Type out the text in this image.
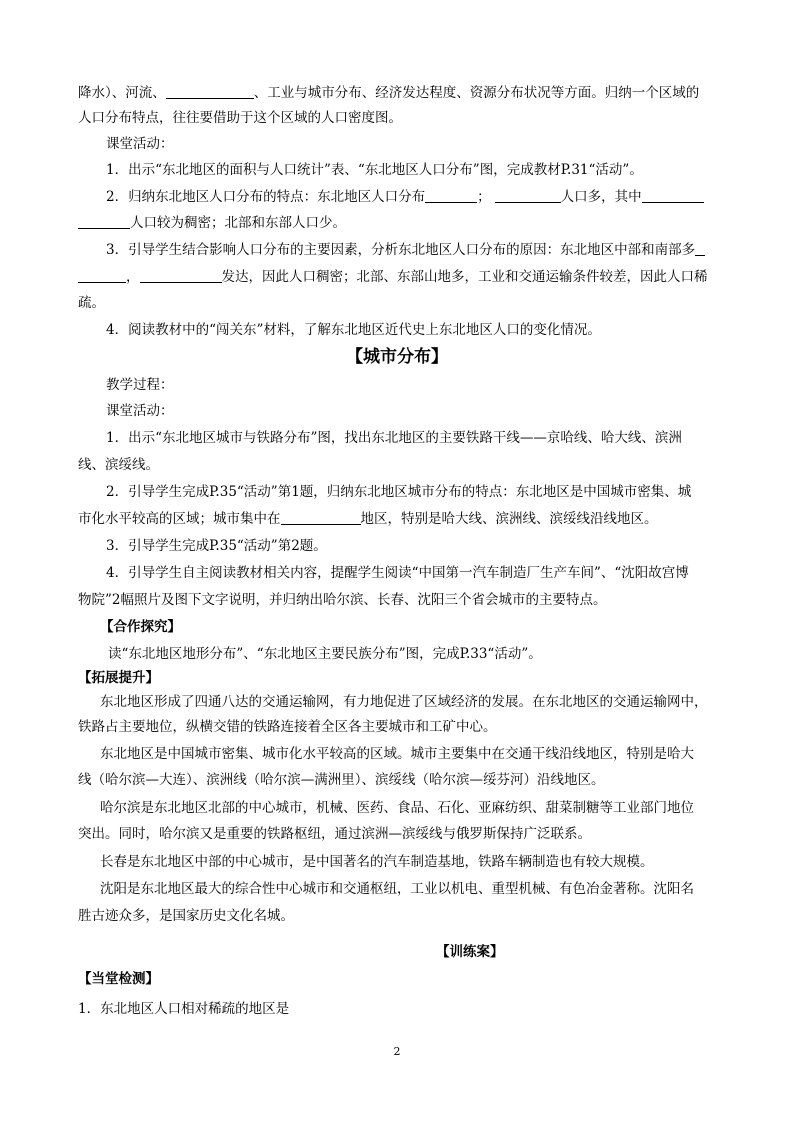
降水）、河流、	、工业与城市分布、经济发达程度、资源分布状况等方面。归纳一个区域的
人口分布特点，往往要借助于这个区域的人口密度图。
课堂活动：
1．出示“东北地区的面积与人口统计”表、“东北地区人口分布”图，完成教材P.31“活动”。
2．归纳东北地区人口分布的特点：东北地区人口分布	；	人口多，其中
人口较为稠密；北部和东部人口少。
3．引导学生结合影响人口分布的主要因素，分析东北地区人口分布的原因：东北地区中部和南部多
，	发达，因此人口稠密；北部、东部山地多，工业和交通运输条件较差，因此人口稀
疏。
4．阅读教材中的“闯关东”材料，了解东北地区近代史上东北地区人口的变化情况。
【城市分布】
教学过程：
课堂活动：
1．出示“东北地区城市与铁路分布”图，找出东北地区的主要铁路干线——京哈线、哈大线、滨洲
线、滨绥线。
2．引导学生完成P.35“活动”第1题，归纳东北地区城市分布的特点：东北地区是中国城市密集、城
市化水平较高的区域；城市集中在	地区，特别是哈大线、滨洲线、滨绥线沿线地区。
3．引导学生完成P.35“活动”第2题。
4．引导学生自主阅读教材相关内容，提醒学生阅读“中国第一汽车制造厂生产车间”、“沈阳故宫博
物院”2幅照片及图下文字说明，并归纳出哈尔滨、长春、沈阳三个省会城市的主要特点。
【合作探究】
读“东北地区地形分布”、“东北地区主要民族分布”图，完成P.33“活动”。
【拓展提升】
东北地区形成了四通八达的交通运输网，有力地促进了区域经济的发展。在东北地区的交通运输网中，
铁路占主要地位，纵横交错的铁路连接着全区各主要城市和工矿中心。
东北地区是中国城市密集、城市化水平较高的区域。城市主要集中在交通干线沿线地区，特别是哈大
线（哈尔滨—大连）、滨洲线（哈尔滨—满洲里）、滨绥线（哈尔滨—绥芬河）沿线地区。
哈尔滨是东北地区北部的中心城市，机械、医药、食品、石化、亚麻纺织、甜菜制糖等工业部门地位
突出。同时，哈尔滨又是重要的铁路枢纽，通过滨洲—滨绥线与俄罗斯保持广泛联系。
长春是东北地区中部的中心城市，是中国著名的汽车制造基地，铁路车辆制造也有较大规模。
沈阳是东北地区最大的综合性中心城市和交通枢纽，工业以机电、重型机械、有色冶金著称。沈阳名
胜古迹众多，是国家历史文化名城。
【训练案】
【当堂检测】
1．东北地区人口相对稀疏的地区是
2
